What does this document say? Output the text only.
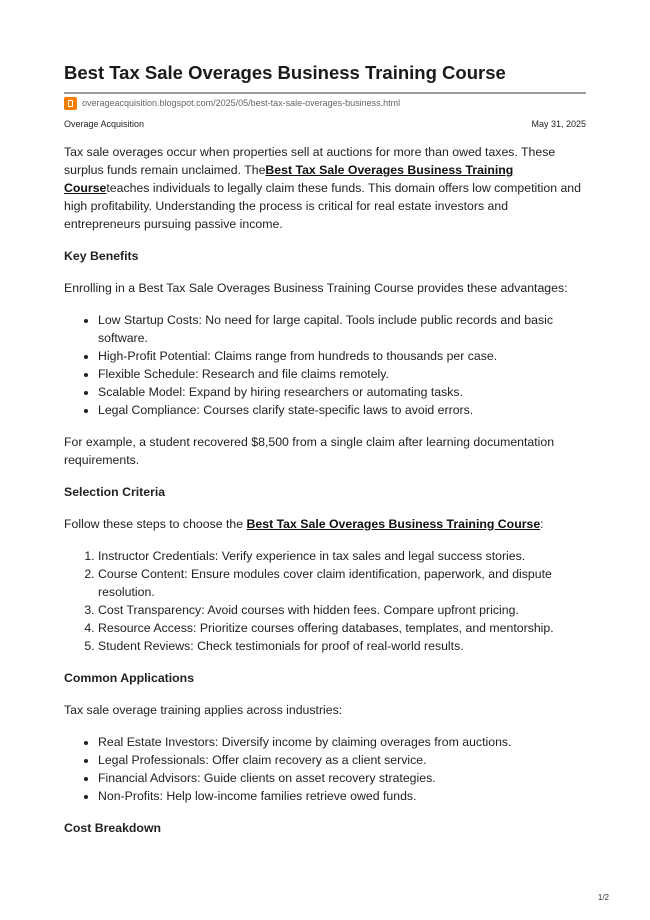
Best Tax Sale Overages Business Training Course
overageacquisition.blogspot.com/2025/05/best-tax-sale-overages-business.html
Overage Acquisition	May 31, 2025

Tax sale overages occur when properties sell at auctions for more than owed taxes. These surplus funds remain unclaimed. TheBest Tax Sale Overages Business Training Courseteaches individuals to legally claim these funds. This domain offers low competition and high profitability. Understanding the process is critical for real estate investors and entrepreneurs pursuing passive income.

Key Benefits

Enrolling in a Best Tax Sale Overages Business Training Course provides these advantages:

• Low Startup Costs: No need for large capital. Tools include public records and basic software.
• High-Profit Potential: Claims range from hundreds to thousands per case.
• Flexible Schedule: Research and file claims remotely.
• Scalable Model: Expand by hiring researchers or automating tasks.
• Legal Compliance: Courses clarify state-specific laws to avoid errors.

For example, a student recovered $8,500 from a single claim after learning documentation requirements.

Selection Criteria

Follow these steps to choose the Best Tax Sale Overages Business Training Course:

1. Instructor Credentials: Verify experience in tax sales and legal success stories.
2. Course Content: Ensure modules cover claim identification, paperwork, and dispute resolution.
3. Cost Transparency: Avoid courses with hidden fees. Compare upfront pricing.
4. Resource Access: Prioritize courses offering databases, templates, and mentorship.
5. Student Reviews: Check testimonials for proof of real-world results.
Common Applications

Tax sale overage training applies across industries:

• Real Estate Investors: Diversify income by claiming overages from auctions.
• Legal Professionals: Offer claim recovery as a client service.
• Financial Advisors: Guide clients on asset recovery strategies.
• Non-Profits: Help low-income families retrieve owed funds.
Cost Breakdown
1/2
